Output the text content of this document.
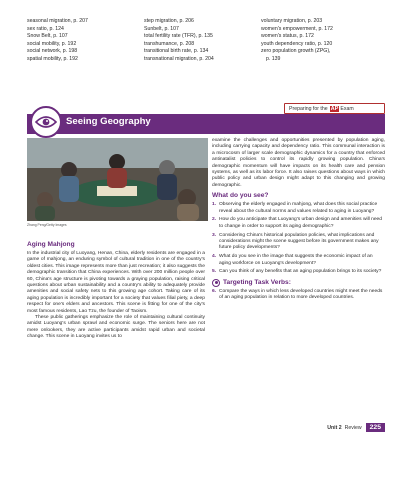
seasonal migration, p. 207
sex ratio, p. 124
Snow Belt, p. 107
social mobility, p. 192
social network, p. 198
spatial mobility, p. 192
step migration, p. 206
Sunbelt, p. 107
total fertility rate (TFR), p. 135
transhumance, p. 208
transitional birth rate, p. 134
transnational migration, p. 204
voluntary migration, p. 203
women's empowerment, p. 172
women's status, p. 172
youth dependency ratio, p. 120
zero population growth (ZPG),
p. 139
Preparing for the AP Exam
Seeing Geography
Zhang Peng/Getty Images
Aging Mahjong

In the industrial city of Luoyang, Henan, China, elderly residents are engaged in a game of mahjong, an enduring symbol of cultural tradition in one of the country's oldest cities. This image represents more than just recreation; it also suggests the demographic transition that China experiences. With over 200 million people over 60, China's age structure is pivoting towards a graying population, raising critical questions about urban sustainability and a country's ability to adequately provide amenities and social safety nets to this growing age cohort. Taking care of its aging population is incredibly important for a society that values filial piety, a deep respect for one's elders and ancestors. This scene is fitting for one of the city's most famous residents, Lao Tzu, the founder of Taoism.

These public gatherings emphasize the role of maintaining cultural continuity amidst Luoyang's urban sprawl and economic surge. The seniors here are not mere onlookers, they are active participants amidst rapid urban and societal change. This scene in Luoyang invites us to

examine the challenges and opportunities presented by population aging, including carrying capacity and dependency ratio. This communal interaction is a microcosm of larger scale demographic dynamics for a country that enforced antinatalist policies to control its rapidly growing population. China's demographic momentum will have impacts on its health care and pension systems, as well as its labor force. It also raises questions about ways in which public policy and urban design might adapt to this changing and growing demographic.

What do you see?
1. Observing the elderly engaged in mahjong, what does this social practice reveal about the cultural norms and values related to aging in Luoyang?
2. How do you anticipate that Luoyang's urban design and amenities will need to change in order to support its aging demographic?
3. Considering China's historical population policies, what implications and considerations might the scene suggest before its government makes any future policy developments?
4. What do you see in the image that suggests the economic impact of an aging workforce on Luoyang's development?
5. Can you think of any benefits that an aging population brings to its society?
Targeting Task Verbs:
6. Compare the ways in which less developed countries might meet the needs of an aging population in relation to more developed countries.
Unit 2 Review	225
